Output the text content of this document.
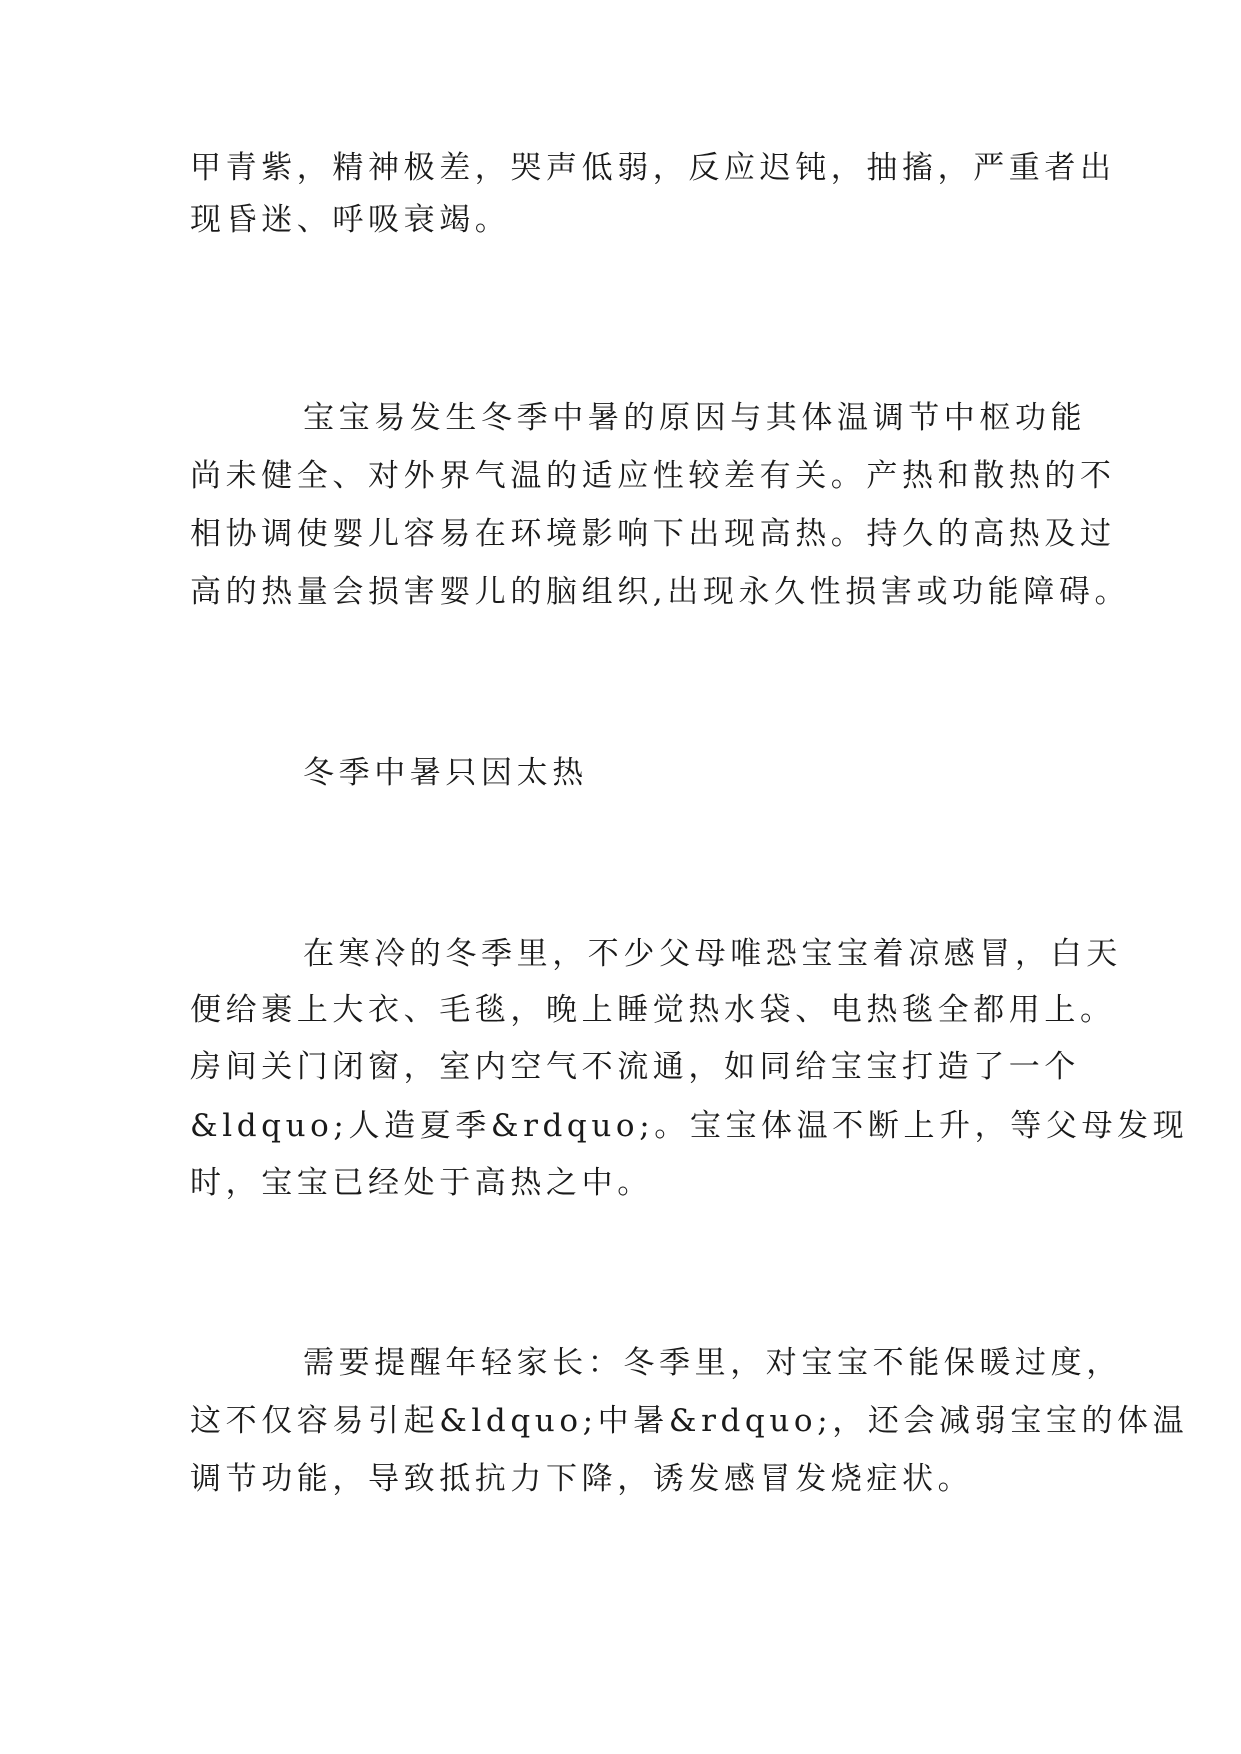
甲青紫，精神极差，哭声低弱，反应迟钝，抽搐，严重者出
现昏迷、呼吸衰竭。
宝宝易发生冬季中暑的原因与其体温调节中枢功能
尚未健全、对外界气温的适应性较差有关。产热和散热的不
相协调使婴儿容易在环境影响下出现高热。持久的高热及过
高的热量会损害婴儿的脑组织,出现永久性损害或功能障碍。
冬季中暑只因太热
在寒冷的冬季里，不少父母唯恐宝宝着凉感冒，白天
便给裹上大衣、毛毯，晚上睡觉热水袋、电热毯全都用上。
房间关门闭窗，室内空气不流通，如同给宝宝打造了一个
&ldquo;人造夏季&rdquo;。宝宝体温不断上升，等父母发现
时，宝宝已经处于高热之中。
需要提醒年轻家长：冬季里，对宝宝不能保暖过度，
这不仅容易引起&ldquo;中暑&rdquo;，还会减弱宝宝的体温
调节功能，导致抵抗力下降，诱发感冒发烧症状。
